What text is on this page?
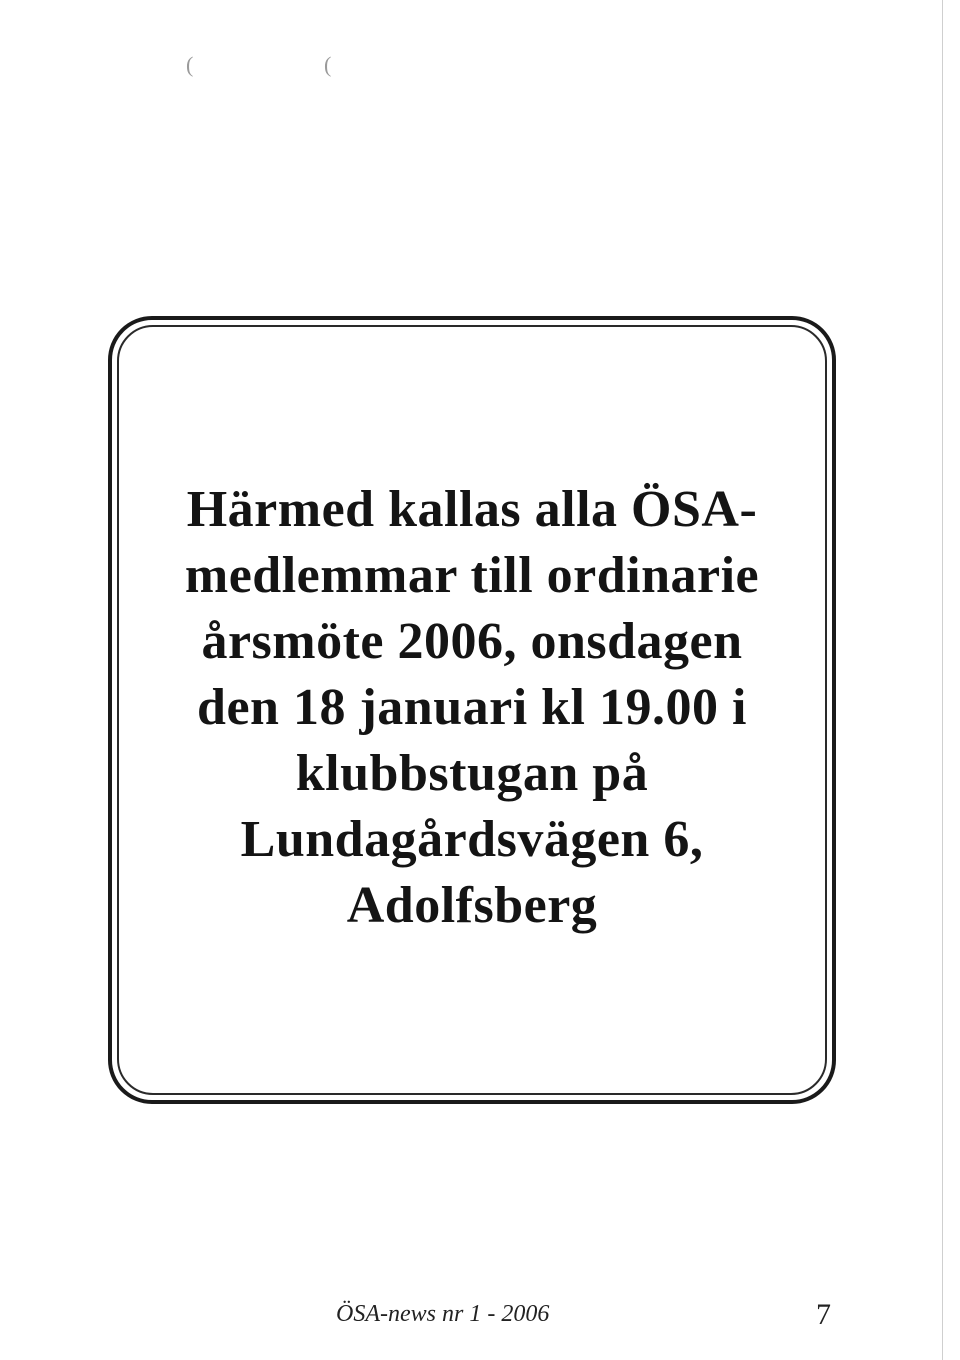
(	(

Härmed kallas alla ÖSA-
medlemmar till ordinarie
årsmöte 2006, onsdagen
den 18 januari kl 19.00 i
klubbstugan på
Lundagårdsvägen 6,
Adolfsberg

ÖSA-news nr 1 - 2006	7
